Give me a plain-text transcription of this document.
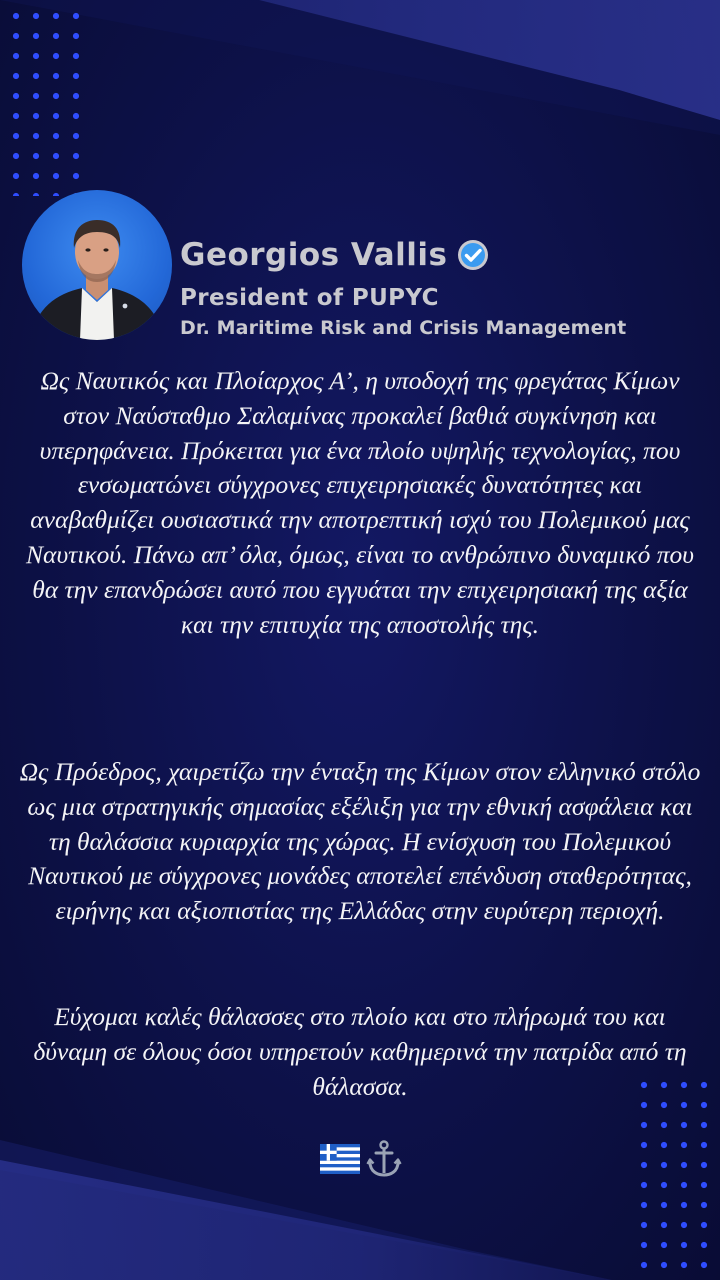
Georgios Vallis
President of PUPYC
Dr. Maritime Risk and Crisis Management
Ως Ναυτικός και Πλοίαρχος Α’, η υποδοχή της φρεγάτας Κίμων στον Ναύσταθμο Σαλαμίνας προκαλεί βαθιά συγκίνηση και υπερηφάνεια. Πρόκειται για ένα πλοίο υψηλής τεχνολογίας, που ενσωματώνει σύγχρονες επιχειρησιακές δυνατότητες και αναβαθμίζει ουσιαστικά την αποτρεπτική ισχύ του Πολεμικού μας Ναυτικού. Πάνω απ’ όλα, όμως, είναι το ανθρώπινο δυναμικό που θα την επανδρώσει αυτό που εγγυάται την επιχειρησιακή της αξία και την επιτυχία της αποστολής της.
Ως Πρόεδρος, χαιρετίζω την ένταξη της Κίμων στον ελληνικό στόλο ως μια στρατηγικής σημασίας εξέλιξη για την εθνική ασφάλεια και τη θαλάσσια κυριαρχία της χώρας. Η ενίσχυση του Πολεμικού Ναυτικού με σύγχρονες μονάδες αποτελεί επένδυση σταθερότητας, ειρήνης και αξιοπιστίας της Ελλάδας στην ευρύτερη περιοχή.
Εύχομαι καλές θάλασσες στο πλοίο και στο πλήρωμά του και δύναμη σε όλους όσοι υπηρετούν καθημερινά την πατρίδα από τη θάλασσα.
